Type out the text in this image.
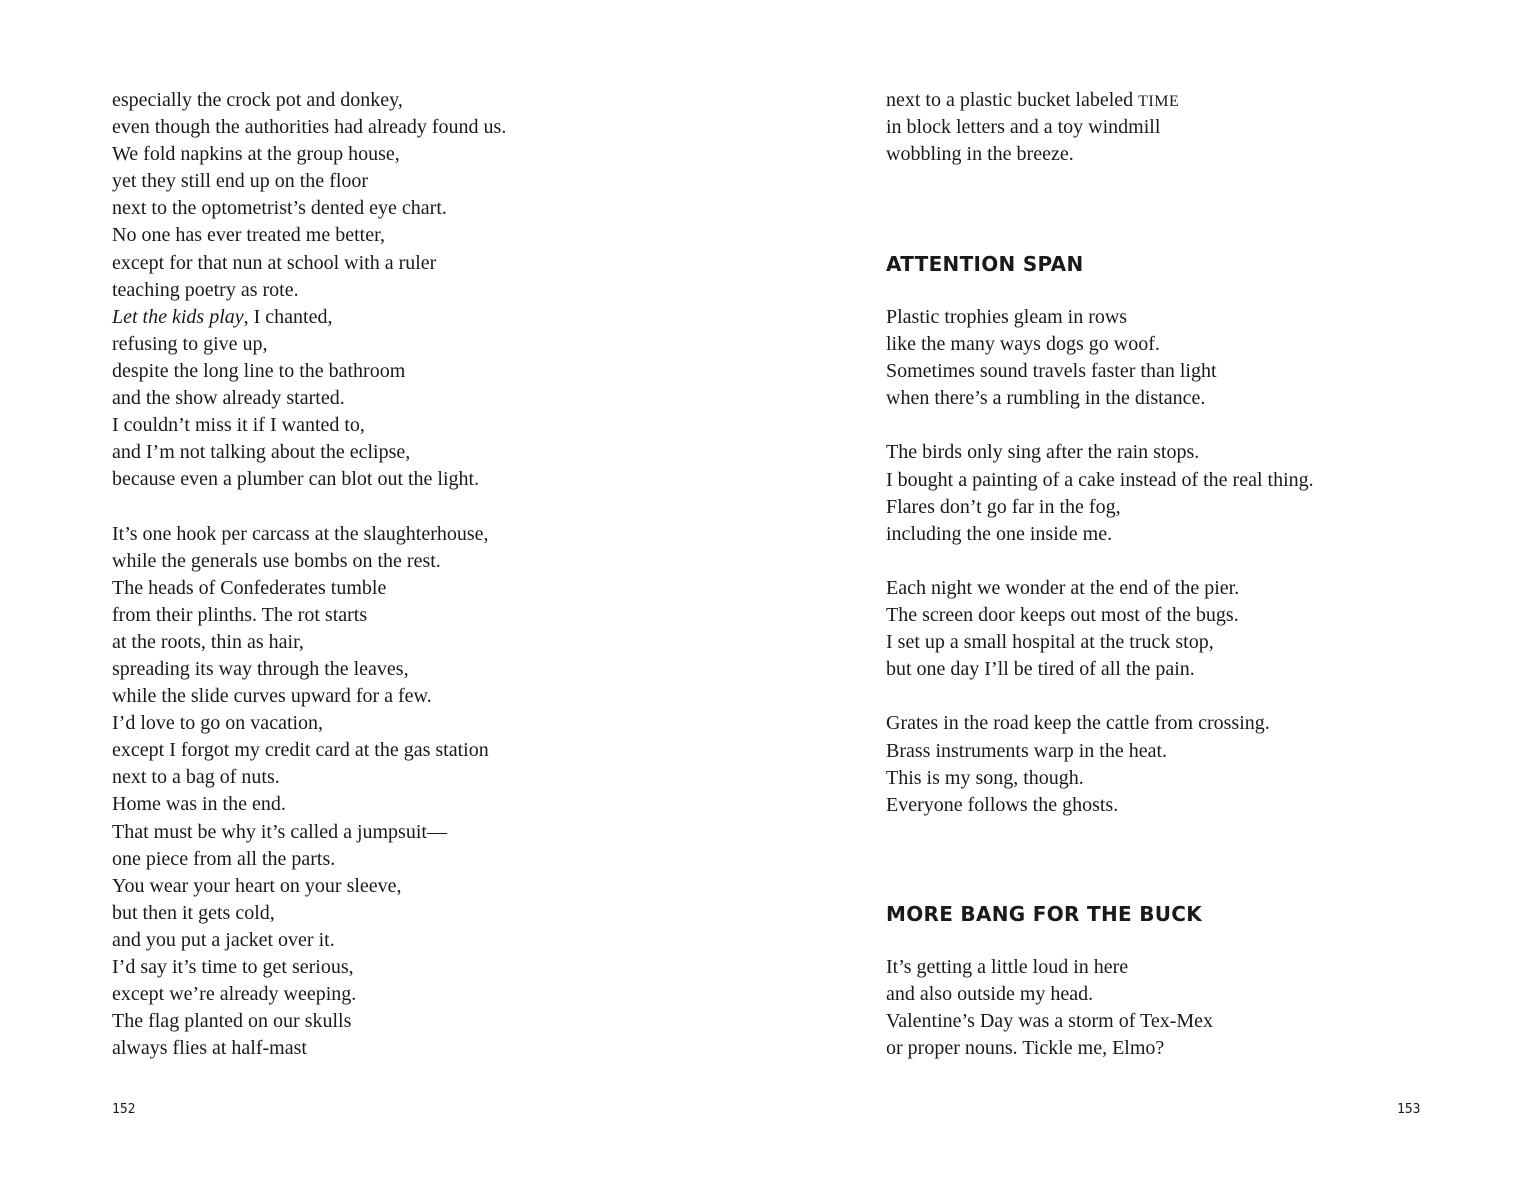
especially the crock pot and donkey,
even though the authorities had already found us.
We fold napkins at the group house,
yet they still end up on the floor
next to the optometrist’s dented eye chart.
No one has ever treated me better,
except for that nun at school with a ruler
teaching poetry as rote.
Let the kids play, I chanted,
refusing to give up,
despite the long line to the bathroom
and the show already started.
I couldn’t miss it if I wanted to,
and I’m not talking about the eclipse,
because even a plumber can blot out the light.
It’s one hook per carcass at the slaughterhouse,
while the generals use bombs on the rest.
The heads of Confederates tumble
from their plinths. The rot starts
at the roots, thin as hair,
spreading its way through the leaves,
while the slide curves upward for a few.
I’d love to go on vacation,
except I forgot my credit card at the gas station
next to a bag of nuts.
Home was in the end.
That must be why it’s called a jumpsuit—
one piece from all the parts.
You wear your heart on your sleeve,
but then it gets cold,
and you put a jacket over it.
I’d say it’s time to get serious,
except we’re already weeping.
The flag planted on our skulls
always flies at half-mast
152
next to a plastic bucket labeled TIME
in block letters and a toy windmill
wobbling in the breeze.
ATTENTION SPAN
Plastic trophies gleam in rows
like the many ways dogs go woof.
Sometimes sound travels faster than light
when there’s a rumbling in the distance.
The birds only sing after the rain stops.
I bought a painting of a cake instead of the real thing.
Flares don’t go far in the fog,
including the one inside me.
Each night we wonder at the end of the pier.
The screen door keeps out most of the bugs.
I set up a small hospital at the truck stop,
but one day I’ll be tired of all the pain.
Grates in the road keep the cattle from crossing.
Brass instruments warp in the heat.
This is my song, though.
Everyone follows the ghosts.
MORE BANG FOR THE BUCK
It’s getting a little loud in here
and also outside my head.
Valentine’s Day was a storm of Tex-Mex
or proper nouns. Tickle me, Elmo?
153
